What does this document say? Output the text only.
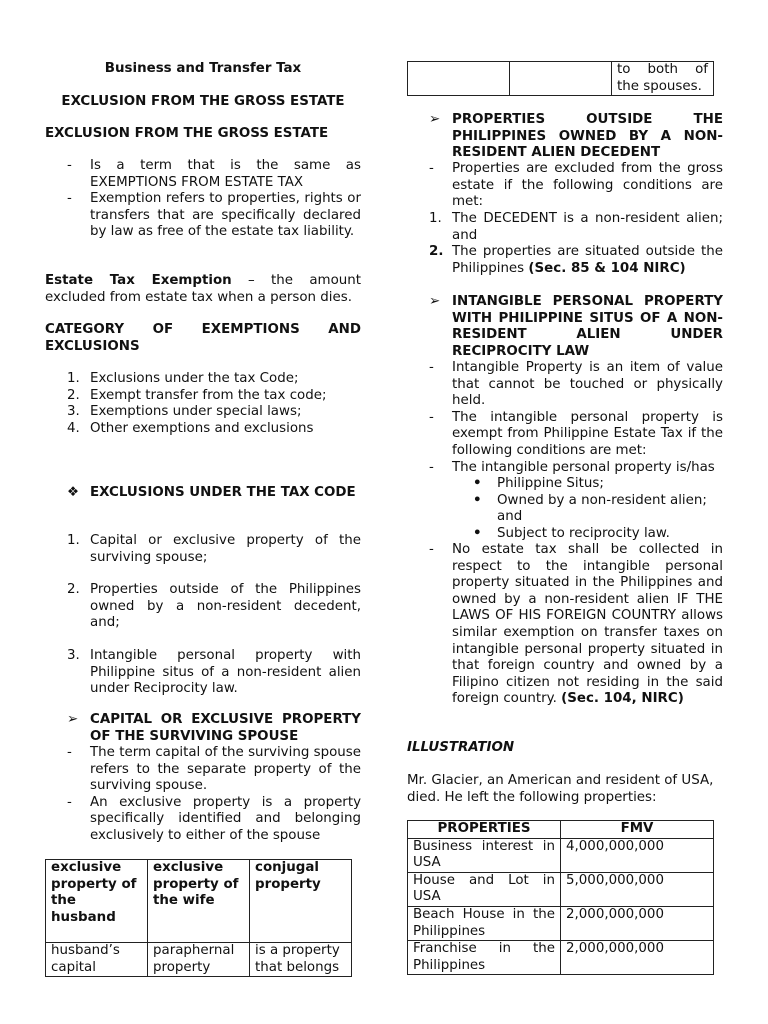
Business and Transfer Tax
EXCLUSION FROM THE GROSS ESTATE
EXCLUSION FROM THE GROSS ESTATE
- Is a term that is the same as EXEMPTIONS FROM ESTATE TAX
- Exemption refers to properties, rights or transfers that are specifically declared by law as free of the estate tax liability.

Estate Tax Exemption – the amount excluded from estate tax when a person dies.

CATEGORY OF EXEMPTIONS AND EXCLUSIONS

1. Exclusions under the tax Code;
2. Exempt transfer from the tax code;
3. Exemptions under special laws;
4. Other exemptions and exclusions
❖ EXCLUSIONS UNDER THE TAX CODE
1. Capital or exclusive property of the surviving spouse;
2. Properties outside of the Philippines owned by a non-resident decedent, and;
3. Intangible personal property with Philippine situs of a non-resident alien under Reciprocity law.
➢ CAPITAL OR EXCLUSIVE PROPERTY OF THE SURVIVING SPOUSE
- The term capital of the surviving spouse refers to the separate property of the surviving spouse.
- An exclusive property is a property specifically identified and belonging exclusively to either of the spouse
exclusive property of the husband	exclusive property of the wife	conjugal property
husband’s capital	paraphernal property	is a property that belongs
		to both of the spouses.
➢ PROPERTIES OUTSIDE THE PHILIPPINES OWNED BY A NON-RESIDENT ALIEN DECEDENT
- Properties are excluded from the gross estate if the following conditions are met:
1. The DECEDENT is a non-resident alien; and
2. The properties are situated outside the Philippines (Sec. 85 & 104 NIRC)
➢ INTANGIBLE PERSONAL PROPERTY WITH PHILIPPINE SITUS OF A NON-RESIDENT ALIEN UNDER RECIPROCITY LAW
- Intangible Property is an item of value that cannot be touched or physically held.
- The intangible personal property is exempt from Philippine Estate Tax if the following conditions are met:
- The intangible personal property is/has
• Philippine Situs;
• Owned by a non-resident alien; and
• Subject to reciprocity law.
- No estate tax shall be collected in respect to the intangible personal property situated in the Philippines and owned by a non-resident alien IF THE LAWS OF HIS FOREIGN COUNTRY allows similar exemption on transfer taxes on intangible personal property situated in that foreign country and owned by a Filipino citizen not residing in the said foreign country. (Sec. 104, NIRC)
ILLUSTRATION

Mr. Glacier, an American and resident of USA, died. He left the following properties:

PROPERTIES	FMV
Business interest in USA	4,000,000,000
House and Lot in USA	5,000,000,000
Beach House in the Philippines	2,000,000,000
Franchise in the Philippines	2,000,000,000
